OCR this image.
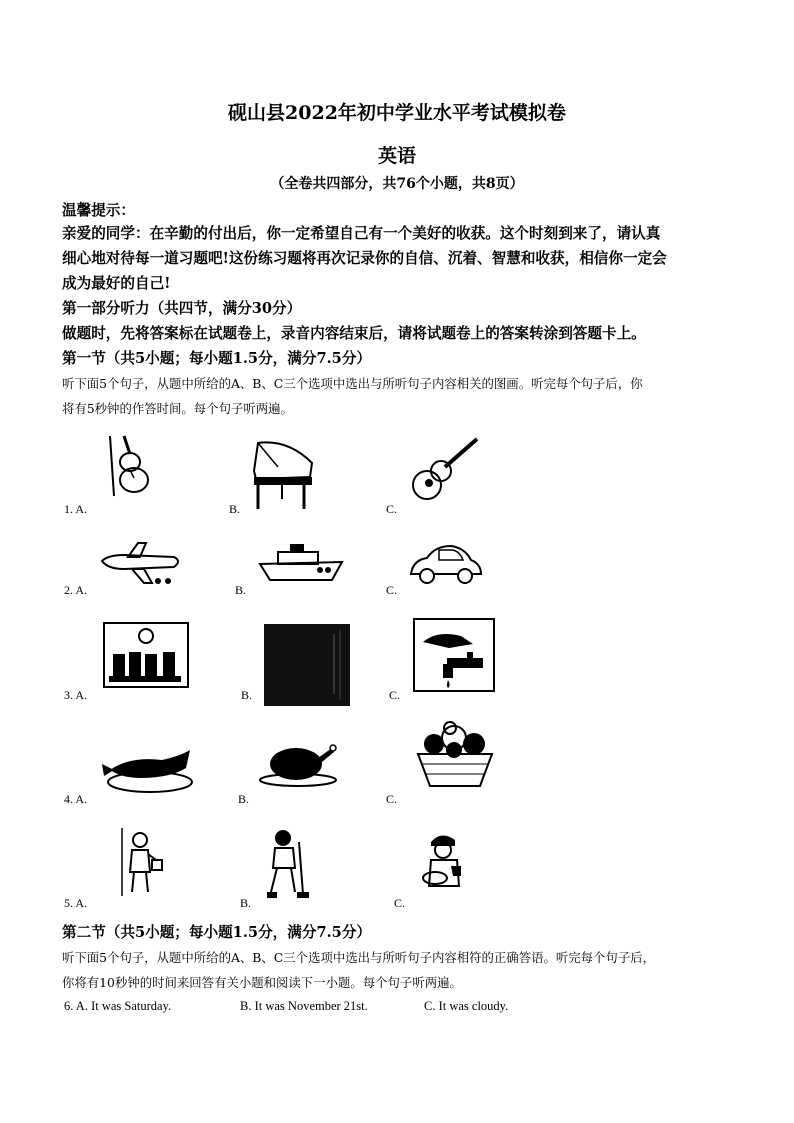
砚山县2022年初中学业水平考试模拟卷
英语
（全卷共四部分，共76个小题，共8页）
温馨提示：
亲爱的同学：在辛勤的付出后，你一定希望自己有一个美好的收获。这个时刻到来了，请认真
细心地对待每一道习题吧!这份练习题将再次记录你的自信、沉着、智慧和收获，相信你一定会
成为最好的自己!
第一部分听力（共四节，满分30分）
做题时，先将答案标在试题卷上，录音内容结束后，请将试题卷上的答案转涂到答题卡上。
第一节（共5小题；每小题1.5分，满分7.5分）
听下面5个句子，从题中所给的A、B、C三个选项中选出与所听句子内容相关的图画。听完每个句子后，你
将有5秒钟的作答时间。每个句子听两遍。
1. A.	B.	C.
2. A.	B.	C.
3. A.	B.	C.
4. A.	B.	C.
5. A.	B.	C.
第二节（共5小题；每小题1.5分，满分7.5分）
听下面5个句子，从题中所给的A、B、C三个选项中选出与所听句子内容相符的正确答语。听完每个句子后，
你将有10秒钟的时间来回答有关小题和阅读下一小题。每个句子听两遍。
6. A. It was Saturday.	B. It was November 21st.	C. It was cloudy.
